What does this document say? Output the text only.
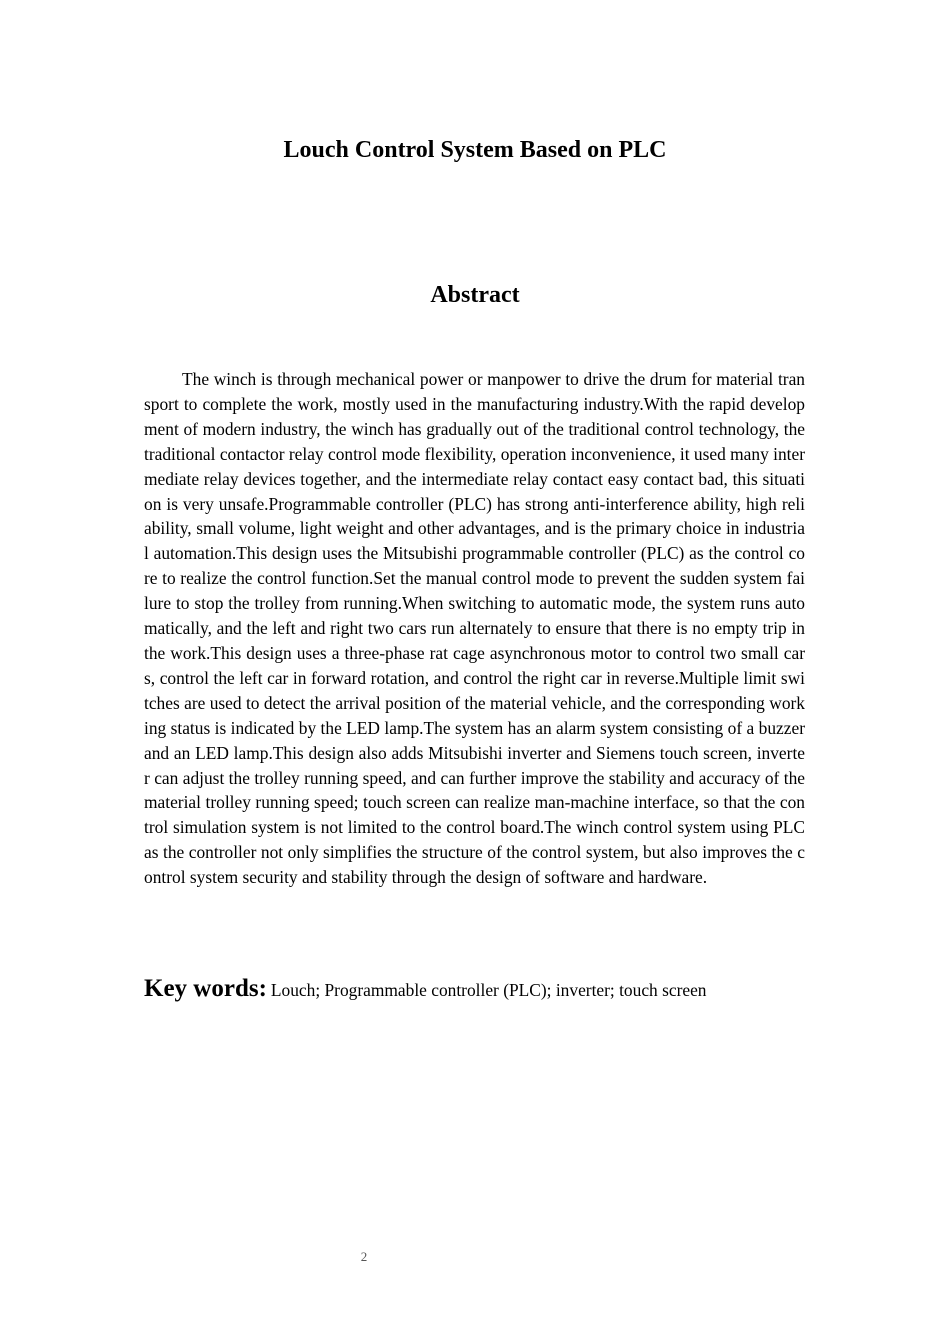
Louch Control System Based on PLC
Abstract

The winch is through mechanical power or manpower to drive the drum for material transport to complete the work, mostly used in the manufacturing industry.With the rapid development of modern industry, the winch has gradually out of the traditional control technology, the traditional contactor relay control mode flexibility, operation inconvenience, it used many intermediate relay devices together, and the intermediate relay contact easy contact bad, this situation is very unsafe.Programmable controller (PLC) has strong anti-interference ability, high reliability, small volume, light weight and other advantages, and is the primary choice in industrial automation.This design uses the Mitsubishi programmable controller (PLC) as the control core to realize the control function.Set the manual control mode to prevent the sudden system failure to stop the trolley from running.When switching to automatic mode, the system runs automatically, and the left and right two cars run alternately to ensure that there is no empty trip in the work.This design uses a three-phase rat cage asynchronous motor to control two small cars, control the left car in forward rotation, and control the right car in reverse.Multiple limit switches are used to detect the arrival position of the material vehicle, and the corresponding working status is indicated by the LED lamp.The system has an alarm system consisting of a buzzer and an LED lamp.This design also adds Mitsubishi inverter and Siemens touch screen, inverter can adjust the trolley running speed, and can further improve the stability and accuracy of the material trolley running speed; touch screen can realize man-machine interface, so that the control simulation system is not limited to the control board.The winch control system using PLC as the controller not only simplifies the structure of the control system, but also improves the control system security and stability through the design of software and hardware.

Key words: Louch; Programmable controller (PLC); inverter; touch screen

2
